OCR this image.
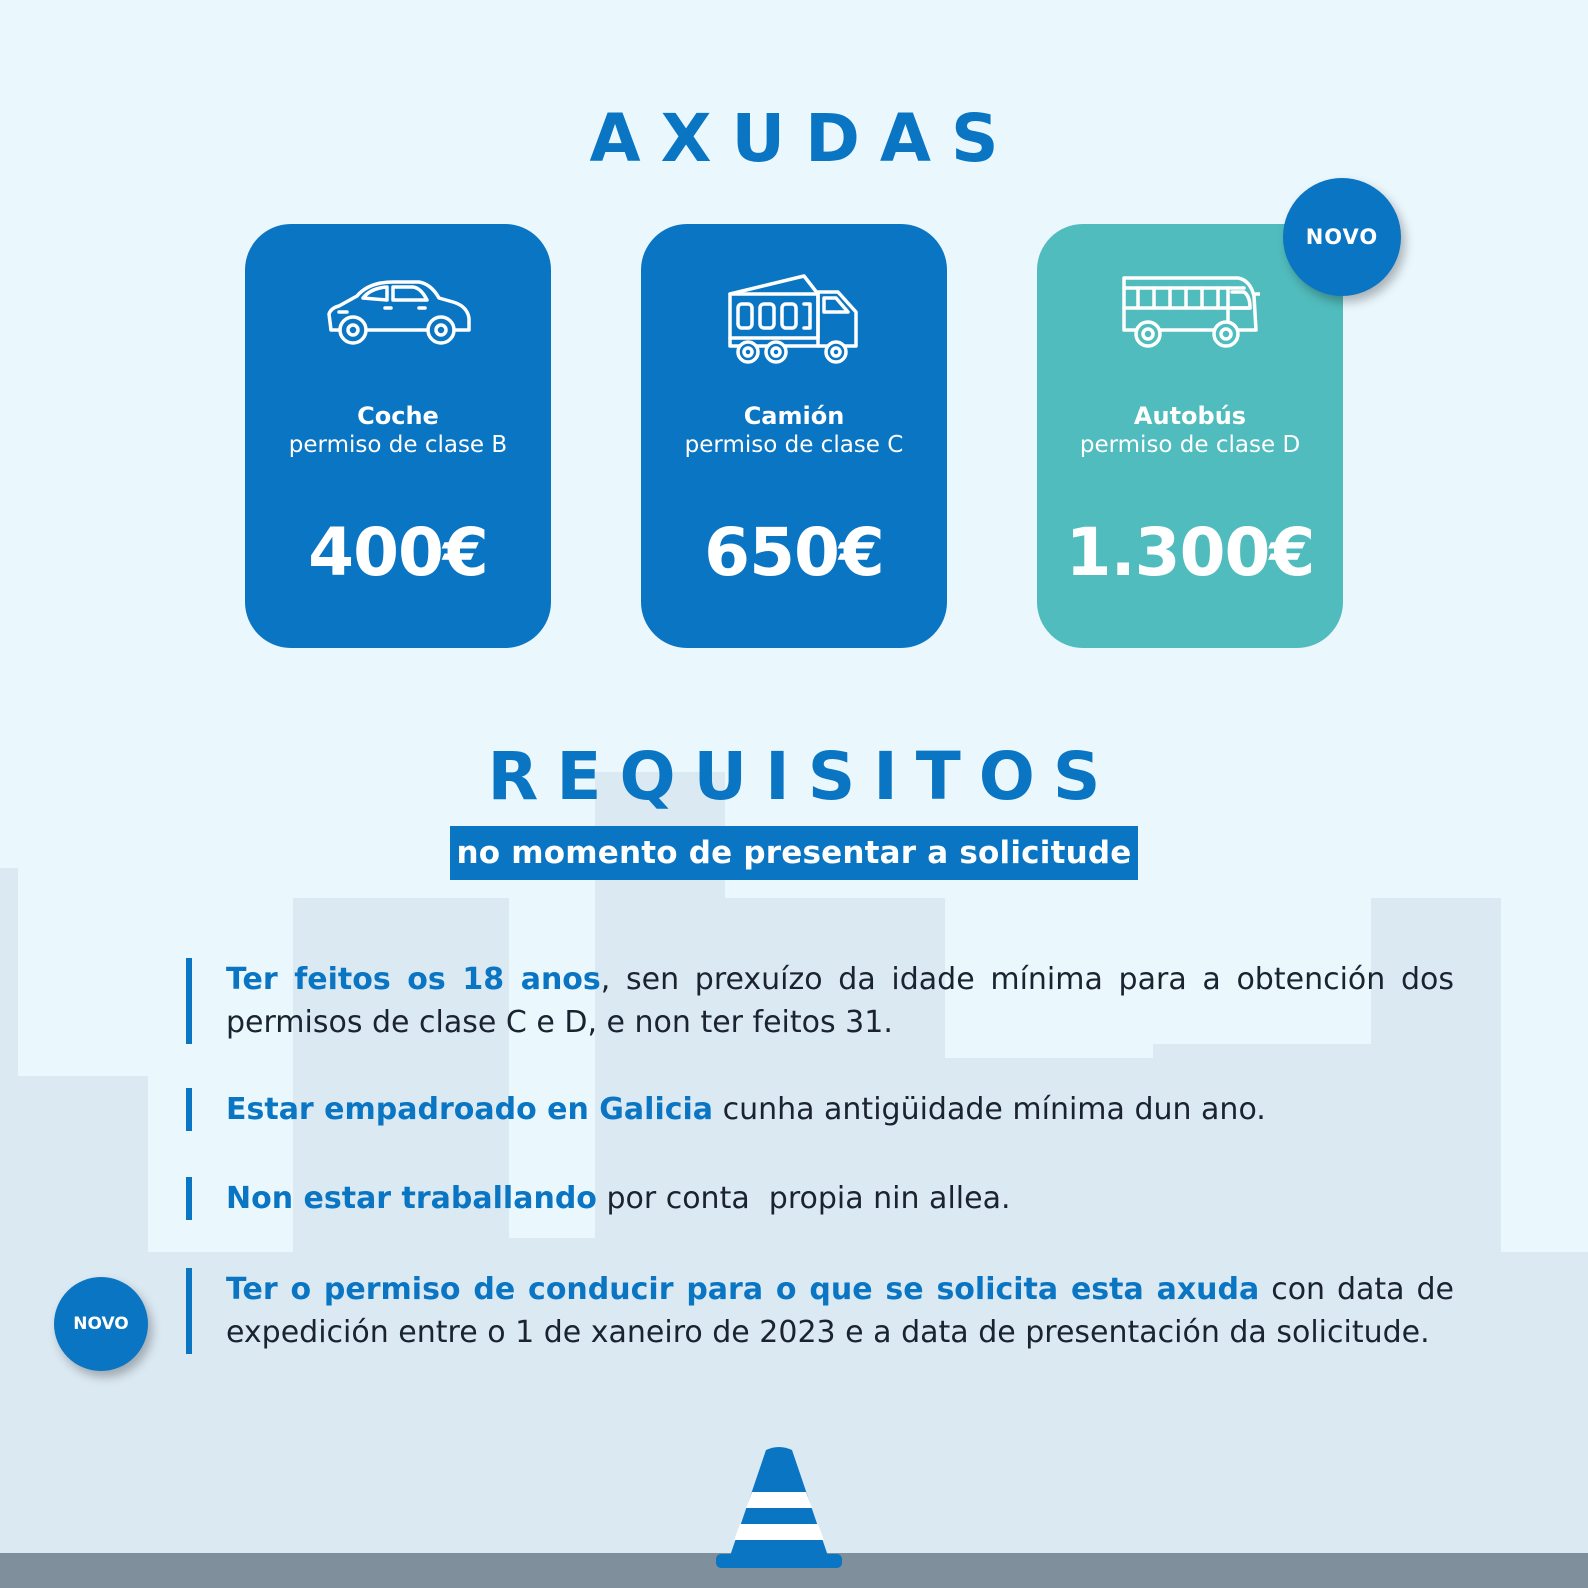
AXUDAS
Coche
permiso de clase B
400€
Camión
permiso de clase C
650€
Autobús
permiso de clase D
1.300€
NOVO
REQUISITOS
no momento de presentar a solicitude
Ter feitos os 18 anos, sen prexuízo da idade mínima para a obtención dos permisos de clase C e D, e non ter feitos 31.
Estar empadroado en Galicia cunha antigüidade mínima dun ano.
Non estar traballando por conta  propia nin allea.
Ter o permiso de conducir para o que se solicita esta axuda con data de expedición entre o 1 de xaneiro de 2023 e a data de presentación da solicitude.
NOVO
